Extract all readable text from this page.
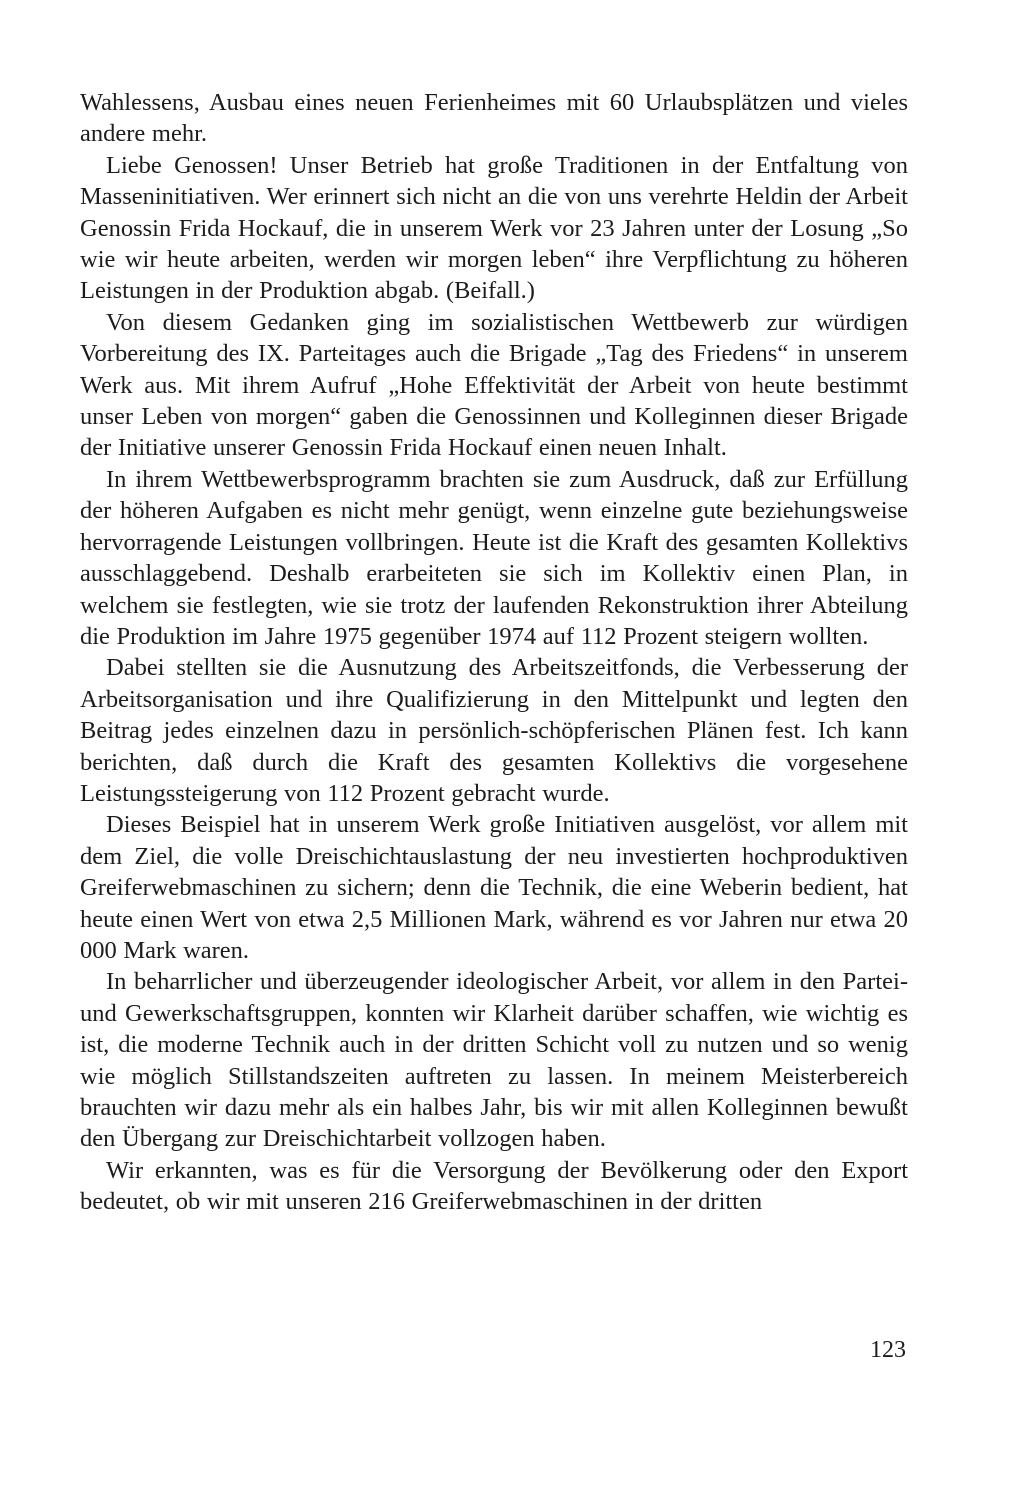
Wahlessens, Ausbau eines neuen Ferienheimes mit 60 Urlaubsplätzen und vieles andere mehr.

Liebe Genossen! Unser Betrieb hat große Traditionen in der Entfaltung von Masseninitiativen. Wer erinnert sich nicht an die von uns verehrte Heldin der Arbeit Genossin Frida Hockauf, die in unserem Werk vor 23 Jahren unter der Losung „So wie wir heute arbeiten, werden wir morgen leben“ ihre Verpflichtung zu höheren Leistungen in der Produktion abgab. (Beifall.)

Von diesem Gedanken ging im sozialistischen Wettbewerb zur würdigen Vorbereitung des IX. Parteitages auch die Brigade „Tag des Friedens“ in unserem Werk aus. Mit ihrem Aufruf „Hohe Effektivität der Arbeit von heute bestimmt unser Leben von morgen“ gaben die Genossinnen und Kolleginnen dieser Brigade der Initiative unserer Genossin Frida Hockauf einen neuen Inhalt.

In ihrem Wettbewerbsprogramm brachten sie zum Ausdruck, daß zur Erfüllung der höheren Aufgaben es nicht mehr genügt, wenn einzelne gute beziehungsweise hervorragende Leistungen vollbringen. Heute ist die Kraft des gesamten Kollektivs ausschlaggebend. Deshalb erarbeiteten sie sich im Kollektiv einen Plan, in welchem sie festlegten, wie sie trotz der laufenden Rekonstruktion ihrer Abteilung die Produktion im Jahre 1975 gegenüber 1974 auf 112 Prozent steigern wollten.

Dabei stellten sie die Ausnutzung des Arbeitszeitfonds, die Verbesserung der Arbeitsorganisation und ihre Qualifizierung in den Mittelpunkt und legten den Beitrag jedes einzelnen dazu in persönlich-schöpferischen Plänen fest. Ich kann berichten, daß durch die Kraft des gesamten Kollektivs die vorgesehene Leistungssteigerung von 112 Prozent gebracht wurde.

Dieses Beispiel hat in unserem Werk große Initiativen ausgelöst, vor allem mit dem Ziel, die volle Dreischichtauslastung der neu investierten hochproduktiven Greiferwebmaschinen zu sichern; denn die Technik, die eine Weberin bedient, hat heute einen Wert von etwa 2,5 Millionen Mark, während es vor Jahren nur etwa 20 000 Mark waren.

In beharrlicher und überzeugender ideologischer Arbeit, vor allem in den Partei- und Gewerkschaftsgruppen, konnten wir Klarheit darüber schaffen, wie wichtig es ist, die moderne Technik auch in der dritten Schicht voll zu nutzen und so wenig wie möglich Stillstandszeiten auftreten zu lassen. In meinem Meisterbereich brauchten wir dazu mehr als ein halbes Jahr, bis wir mit allen Kolleginnen bewußt den Übergang zur Dreischichtarbeit vollzogen haben.

Wir erkannten, was es für die Versorgung der Bevölkerung oder den Export bedeutet, ob wir mit unseren 216 Greiferwebmaschinen in der dritten

123
